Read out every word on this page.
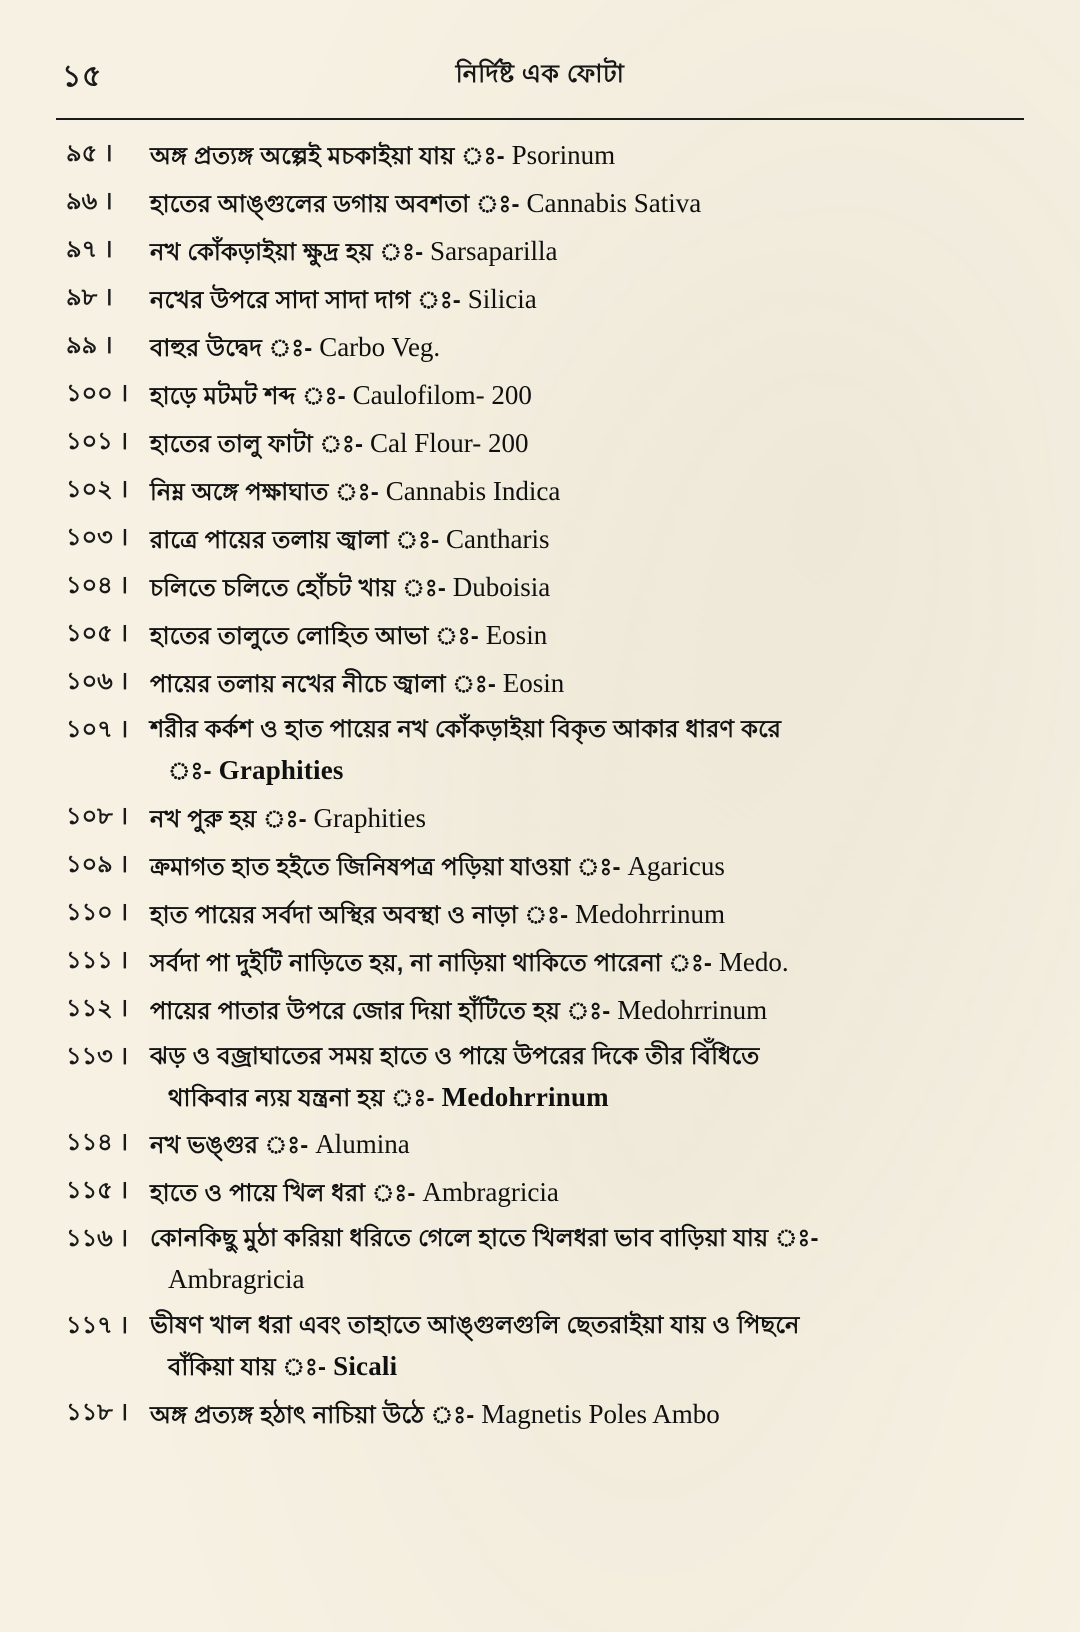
১৫	নির্দিষ্ট এক ফোটা
৯৫ ।	অঙ্গ প্রত্যঙ্গ অল্পেই মচকাইয়া যায় ঃ- Psorinum
৯৬ ।	হাতের আঙ্গুলের ডগায় অবশতা ঃ- Cannabis Sativa
৯৭ ।	নখ কোঁকড়াইয়া ক্ষুদ্র হয় ঃ- Sarsaparilla
৯৮ ।	নখের উপরে সাদা সাদা দাগ ঃ- Silicia
৯৯ ।	বাহুর উদ্বেদ ঃ- Carbo Veg.
১০০ । হাড়ে মটমট শব্দ ঃ- Caulofilom- 200
১০১ । হাতের তালু ফাটা ঃ- Cal Flour- 200
১০২ । নিম্ন অঙ্গে পক্ষাঘাত ঃ- Cannabis Indica
১০৩ । রাত্রে পায়ের তলায় জ্বালা ঃ- Cantharis
১০৪ । চলিতে চলিতে হোঁচট খায় ঃ- Duboisia
১০৫ । হাতের তালুতে লোহিত আভা ঃ- Eosin
১০৬ । পায়ের তলায় নখের নীচে জ্বালা ঃ- Eosin
১০৭ । শরীর কর্কশ ও হাত পায়ের নখ কোঁকড়াইয়া বিকৃত আকার ধারণ করে
ঃ- Graphities
১০৮ । নখ পুরু হয় ঃ- Graphities
১০৯ । ক্রমাগত হাত হইতে জিনিষপত্র পড়িয়া যাওয়া ঃ- Agaricus
১১০ । হাত পায়ের সর্বদা অস্থির অবস্থা ও নাড়া ঃ- Medohrrinum
১১১ । সর্বদা পা দুইটি নাড়িতে হয়, না নাড়িয়া থাকিতে পারেনা ঃ- Medo.
১১২ । পায়ের পাতার উপরে জোর দিয়া হাঁটিতে হয় ঃ- Medohrrinum
১১৩ । ঝড় ও বজ্রাঘাতের সময় হাতে ও পায়ে উপরের দিকে তীর বিঁধিতে
থাকিবার ন্যয় যন্ত্রনা হয় ঃ- Medohrrinum
১১৪ । নখ ভঙ্গুর ঃ- Alumina
১১৫ । হাতে ও পায়ে খিল ধরা ঃ- Ambragricia
১১৬ । কোনকিছু মুঠা করিয়া ধরিতে গেলে হাতে খিলধরা ভাব বাড়িয়া যায় ঃ-
Ambragricia
১১৭ । ভীষণ খাল ধরা এবং তাহাতে আঙ্গুলগুলি ছেতরাইয়া যায় ও পিছনে
বাঁকিয়া যায় ঃ- Sicali
১১৮ । অঙ্গ প্রত্যঙ্গ হঠাৎ নাচিয়া উঠে ঃ- Magnetis Poles Ambo
